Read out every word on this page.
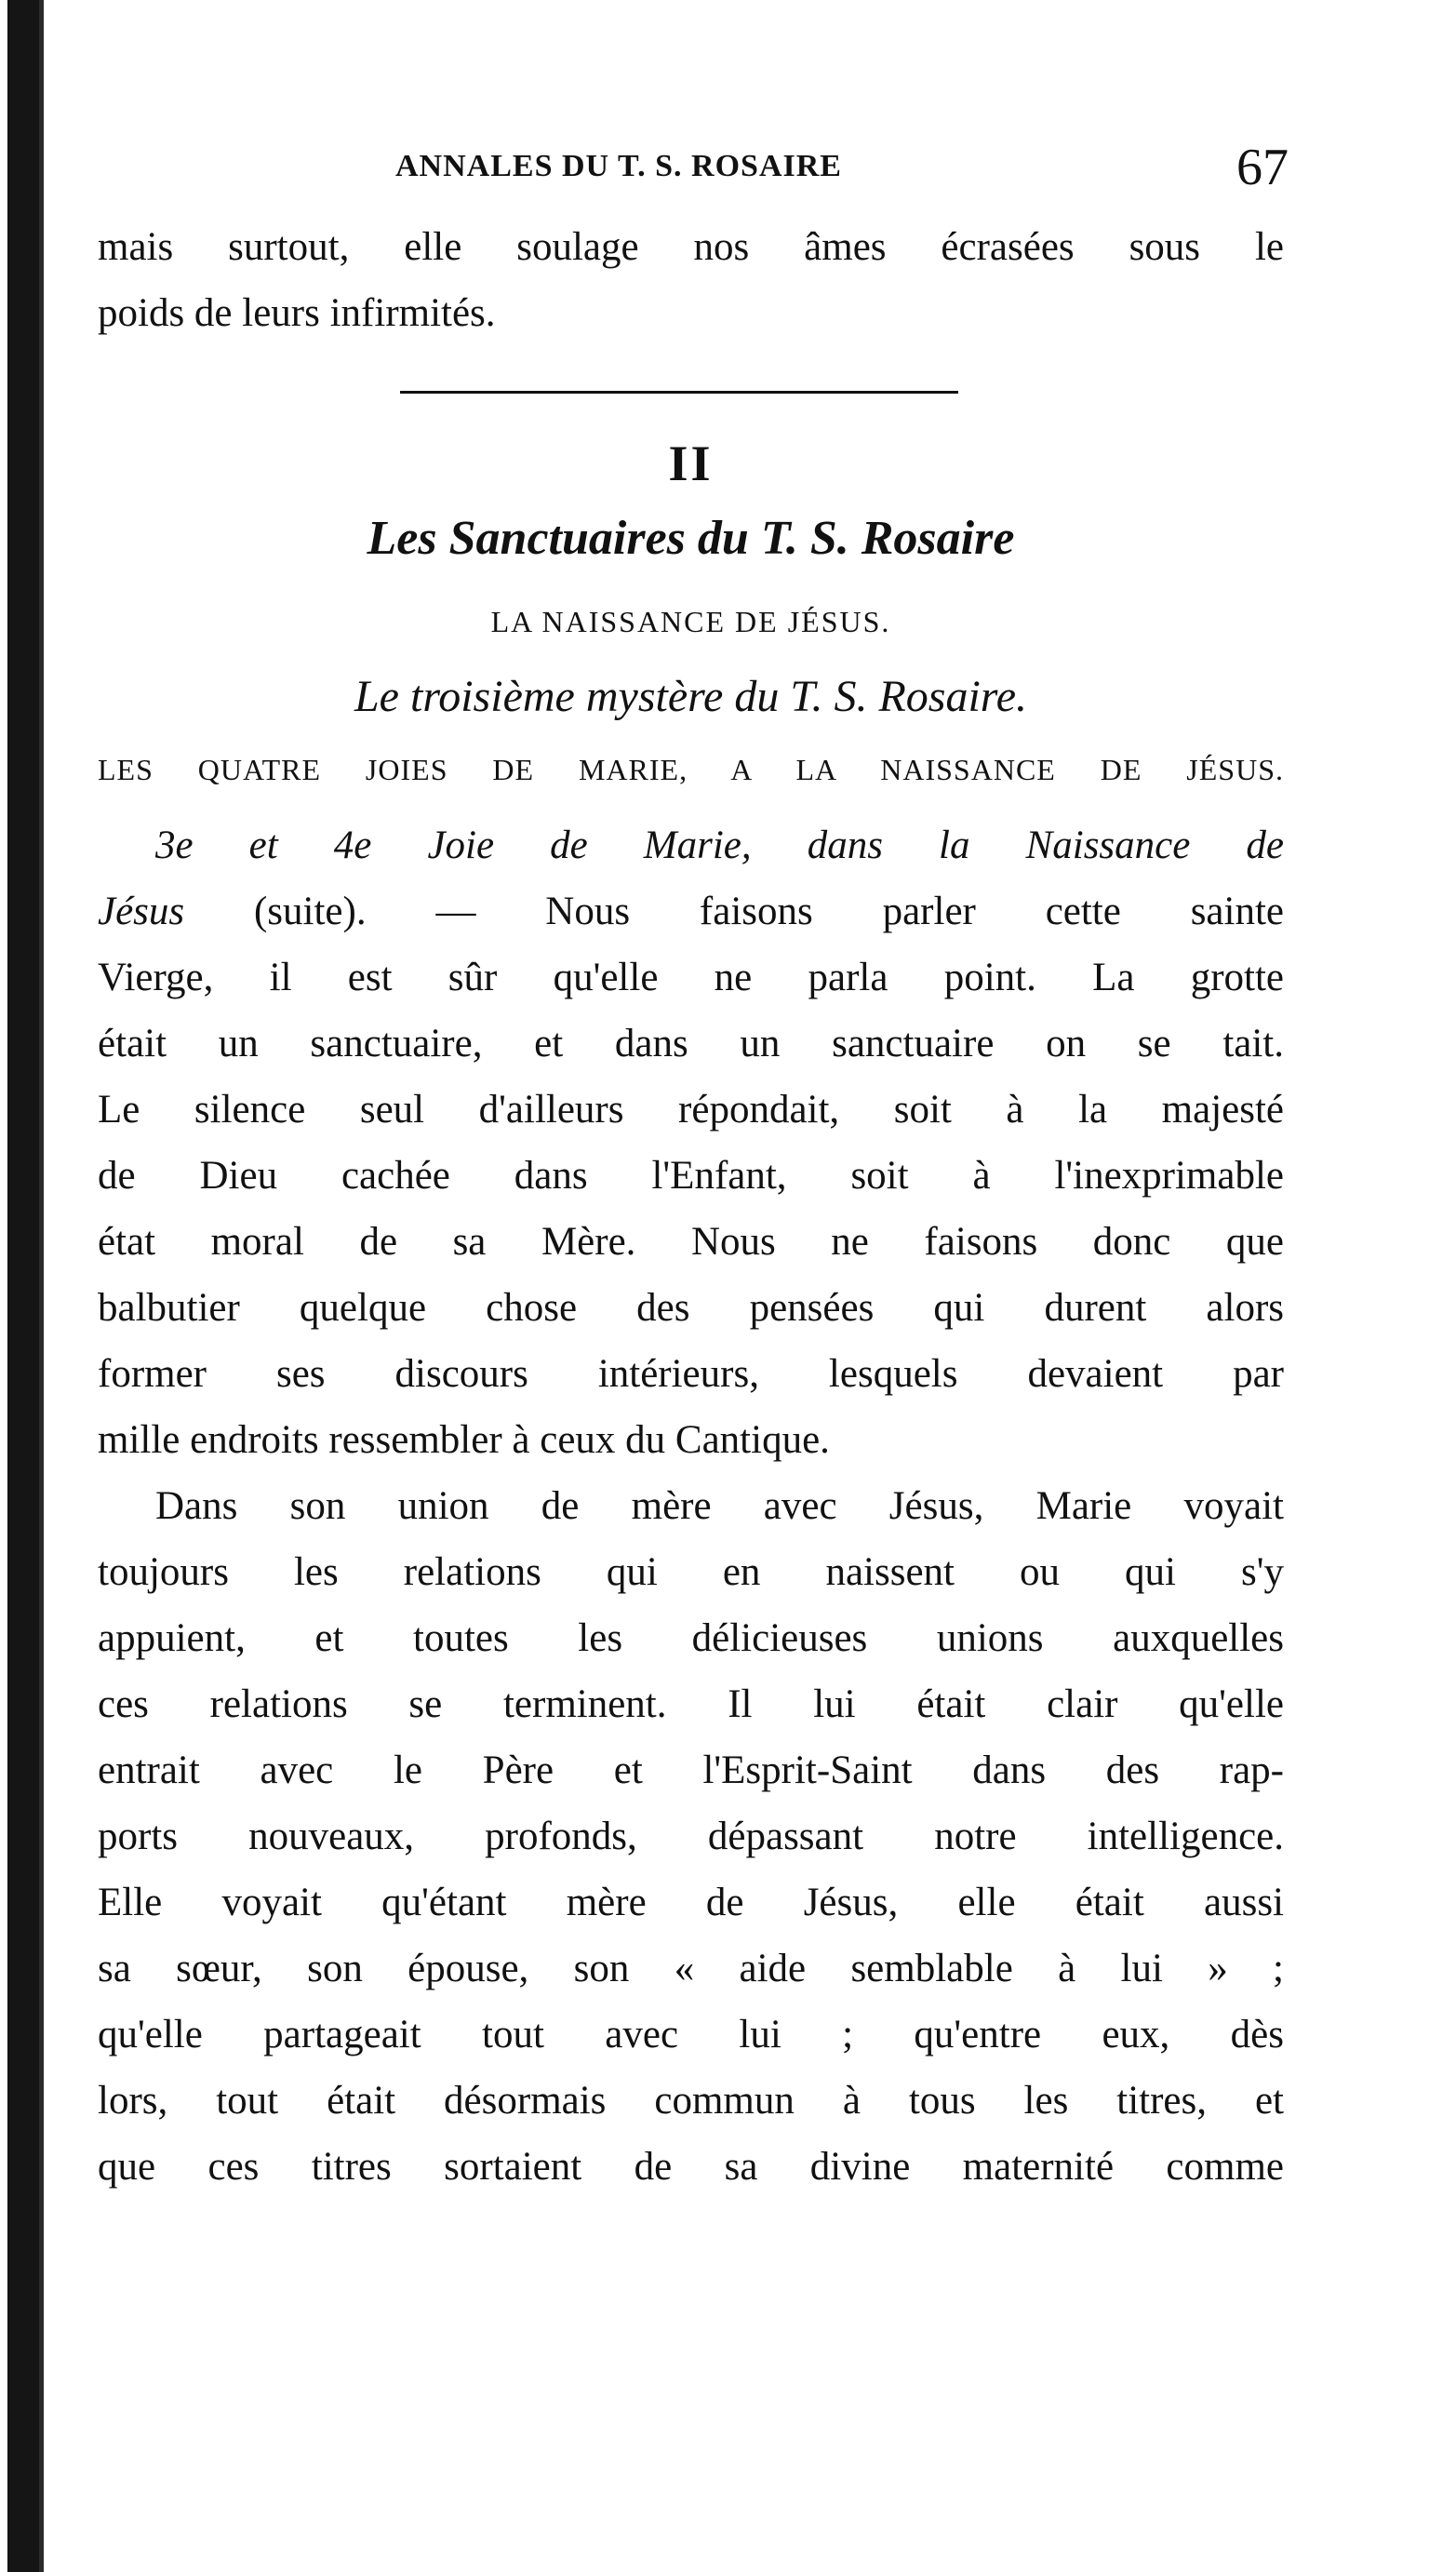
ANNALES DU T. S. ROSAIRE	67
mais surtout, elle soulage nos âmes écrasées sous le
poids de leurs infirmités.
II
Les Sanctuaires du T. S. Rosaire
LA NAISSANCE DE JÉSUS.
Le troisième mystère du T. S. Rosaire.
LES QUATRE JOIES DE MARIE, A LA NAISSANCE DE JÉSUS.
3e et 4e Joie de Marie, dans la Naissance de
Jésus (suite). — Nous faisons parler cette sainte
Vierge, il est sûr qu'elle ne parla point. La grotte
était un sanctuaire, et dans un sanctuaire on se tait.
Le silence seul d'ailleurs répondait, soit à la majesté
de Dieu cachée dans l'Enfant, soit à l'inexprimable
état moral de sa Mère. Nous ne faisons donc que
balbutier quelque chose des pensées qui durent alors
former ses discours intérieurs, lesquels devaient par
mille endroits ressembler à ceux du Cantique.
Dans son union de mère avec Jésus, Marie voyait
toujours les relations qui en naissent ou qui s'y
appuient, et toutes les délicieuses unions auxquelles
ces relations se terminent. Il lui était clair qu'elle
entrait avec le Père et l'Esprit-Saint dans des rap-
ports nouveaux, profonds, dépassant notre intelligence.
Elle voyait qu'étant mère de Jésus, elle était aussi
sa sœur, son épouse, son « aide semblable à lui » ;
qu'elle partageait tout avec lui ; qu'entre eux, dès
lors, tout était désormais commun à tous les titres, et
que ces titres sortaient de sa divine maternité comme
